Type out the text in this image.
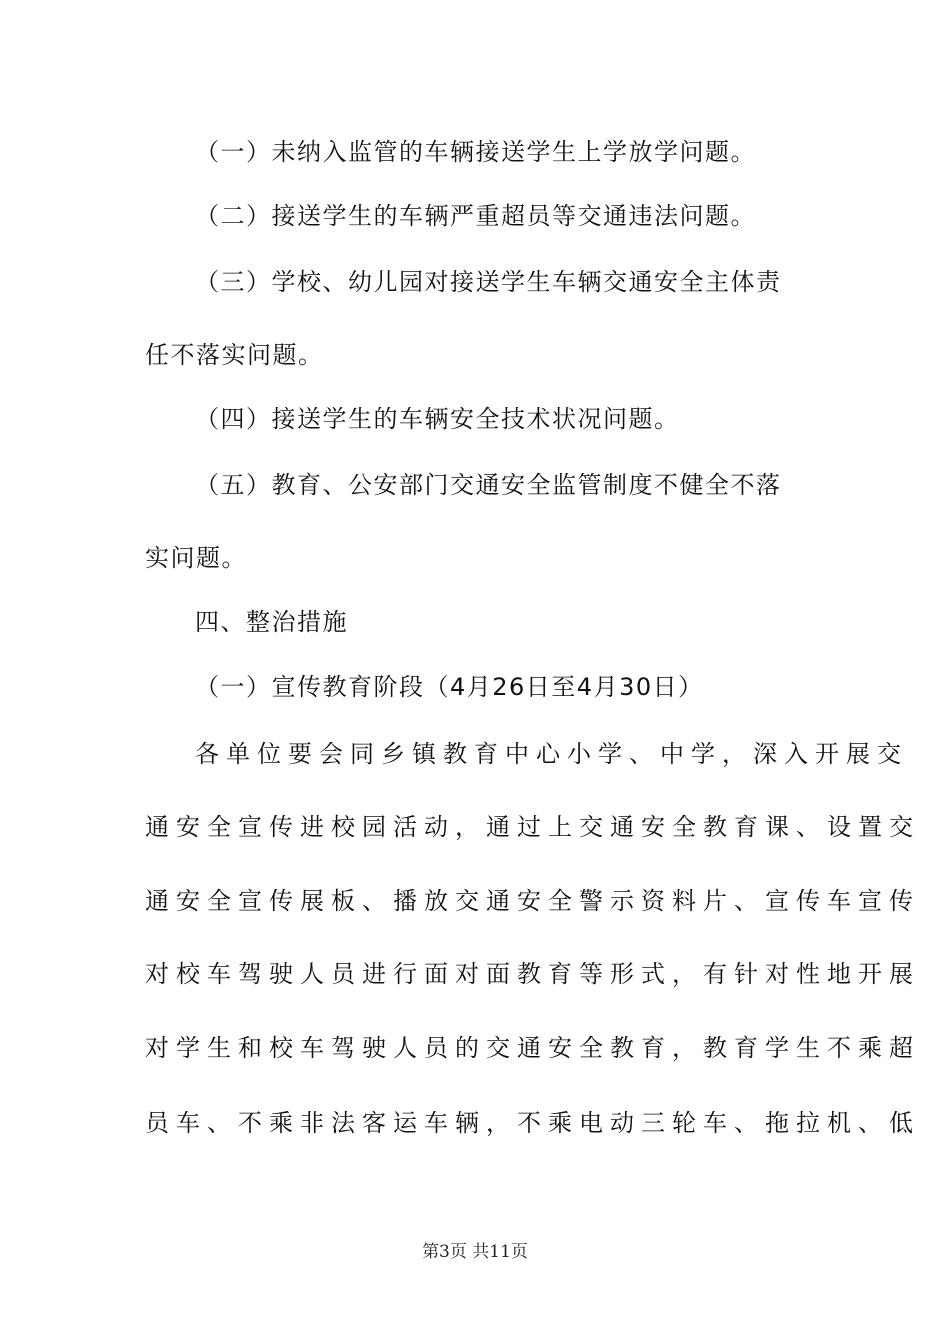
（一）未纳入监管的车辆接送学生上学放学问题。
（二）接送学生的车辆严重超员等交通违法问题。
（三）学校、幼儿园对接送学生车辆交通安全主体责
任不落实问题。
（四）接送学生的车辆安全技术状况问题。
（五）教育、公安部门交通安全监管制度不健全不落
实问题。
四、整治措施
（一）宣传教育阶段（4月26日至4月30日）
各单位要会同乡镇教育中心小学、中学，深入开展交
通安全宣传进校园活动，通过上交通安全教育课、设置交
通安全宣传展板、播放交通安全警示资料片、宣传车宣传
对校车驾驶人员进行面对面教育等形式，有针对性地开展
对学生和校车驾驶人员的交通安全教育，教育学生不乘超
员车、不乘非法客运车辆，不乘电动三轮车、拖拉机、低
第3页 共11页
